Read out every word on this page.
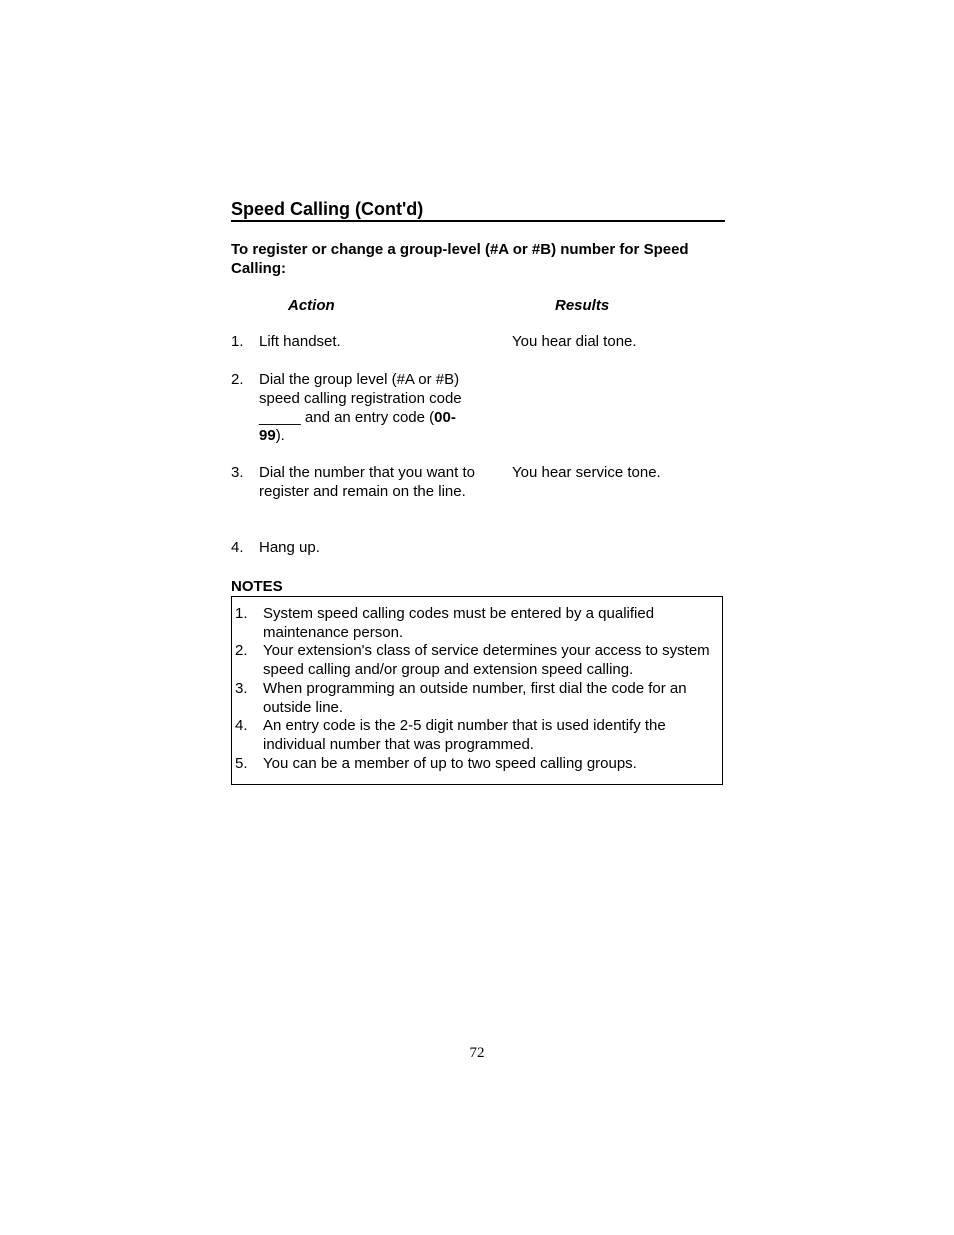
Speed Calling (Cont'd)
To register or change a group-level (#A or #B) number for Speed Calling:
Action	Results
1. Lift handset.	You hear dial tone.
2. Dial the group level (#A or #B) speed calling registration code _____ and an entry code (00-99).
3. Dial the number that you want to register and remain on the line.
You hear service tone.
4. Hang up.
NOTES
1. System speed calling codes must be entered by a qualified maintenance person.
2. Your extension's class of service determines your access to system speed calling and/or group and extension speed calling.
3. When programming an outside number, first dial the code for an outside line.
4. An entry code is the 2-5 digit number that is used identify the individual number that was programmed.
5. You can be a member of up to two speed calling groups.
72
